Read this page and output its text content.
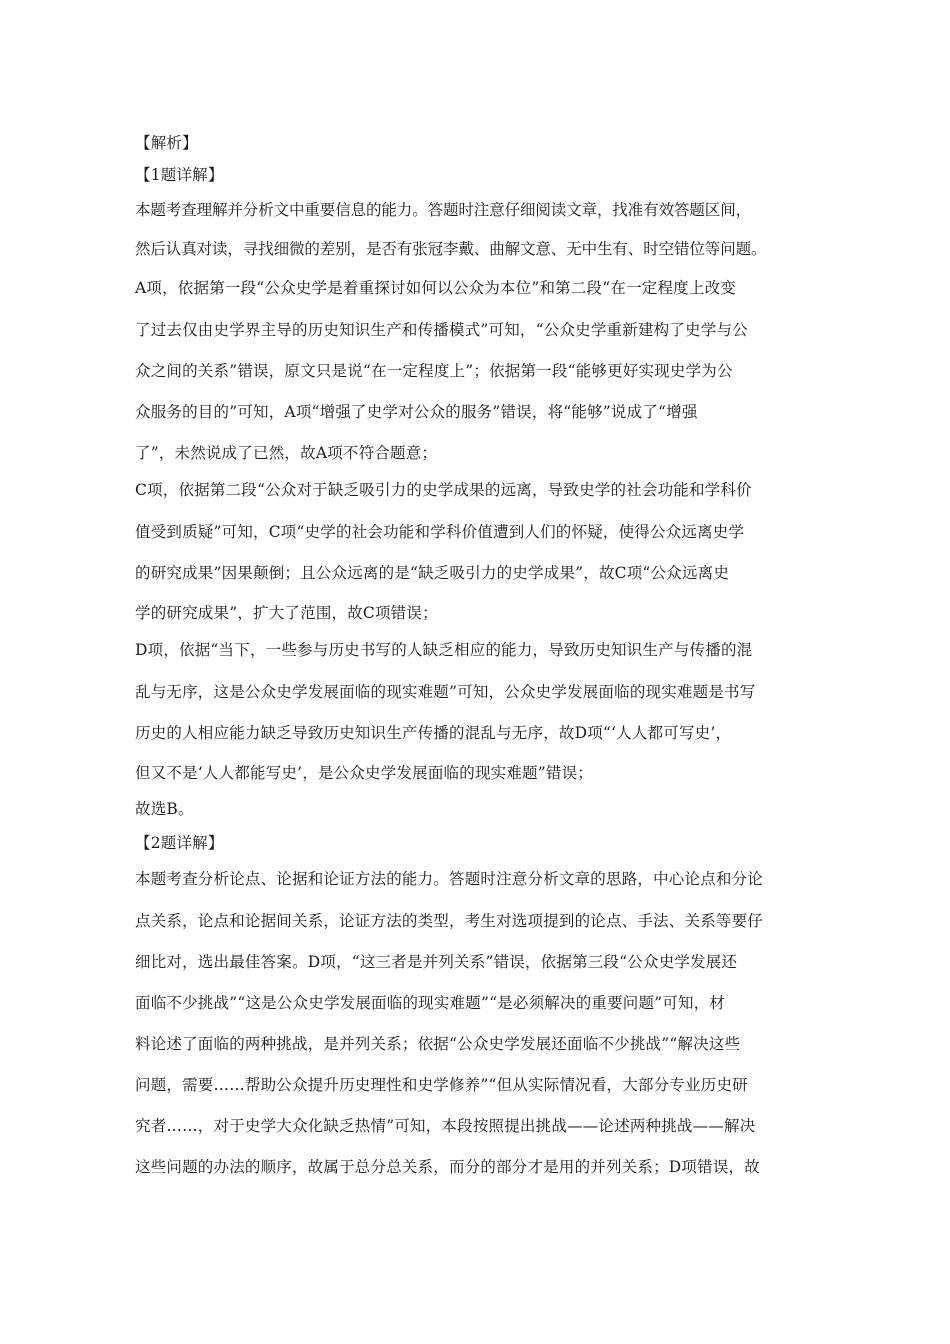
【解析】
【1题详解】
本题考查理解并分析文中重要信息的能力。答题时注意仔细阅读文章，找准有效答题区间，
然后认真对读，寻找细微的差别，是否有张冠李戴、曲解文意、无中生有、时空错位等问题。
A项，依据第一段“公众史学是着重探讨如何以公众为本位”和第二段“在一定程度上改变
了过去仅由史学界主导的历史知识生产和传播模式”可知，“公众史学重新建构了史学与公
众之间的关系”错误，原文只是说“在一定程度上”；依据第一段“能够更好实现史学为公
众服务的目的”可知，A项“增强了史学对公众的服务”错误，将“能够”说成了“增强
了”，未然说成了已然，故A项不符合题意；
C项，依据第二段“公众对于缺乏吸引力的史学成果的远离，导致史学的社会功能和学科价
值受到质疑”可知，C项“史学的社会功能和学科价值遭到人们的怀疑，使得公众远离史学
的研究成果”因果颠倒；且公众远离的是“缺乏吸引力的史学成果”，故C项“公众远离史
学的研究成果”，扩大了范围，故C项错误；
D项，依据“当下，一些参与历史书写的人缺乏相应的能力，导致历史知识生产与传播的混
乱与无序，这是公众史学发展面临的现实难题”可知，公众史学发展面临的现实难题是书写
历史的人相应能力缺乏导致历史知识生产传播的混乱与无序，故D项“‘人人都可写史’，
但又不是‘人人都能写史’，是公众史学发展面临的现实难题”错误；
故选B。
【2题详解】
本题考查分析论点、论据和论证方法的能力。答题时注意分析文章的思路，中心论点和分论
点关系，论点和论据间关系，论证方法的类型，考生对选项提到的论点、手法、关系等要仔
细比对，选出最佳答案。D项，“这三者是并列关系”错误，依据第三段“公众史学发展还
面临不少挑战”“这是公众史学发展面临的现实难题”“是必须解决的重要问题”可知，材
料论述了面临的两种挑战，是并列关系；依据“公众史学发展还面临不少挑战”“解决这些
问题，需要……帮助公众提升历史理性和史学修养”“但从实际情况看，大部分专业历史研
究者……，对于史学大众化缺乏热情”可知，本段按照提出挑战——论述两种挑战——解决
这些问题的办法的顺序，故属于总分总关系，而分的部分才是用的并列关系；D项错误，故
